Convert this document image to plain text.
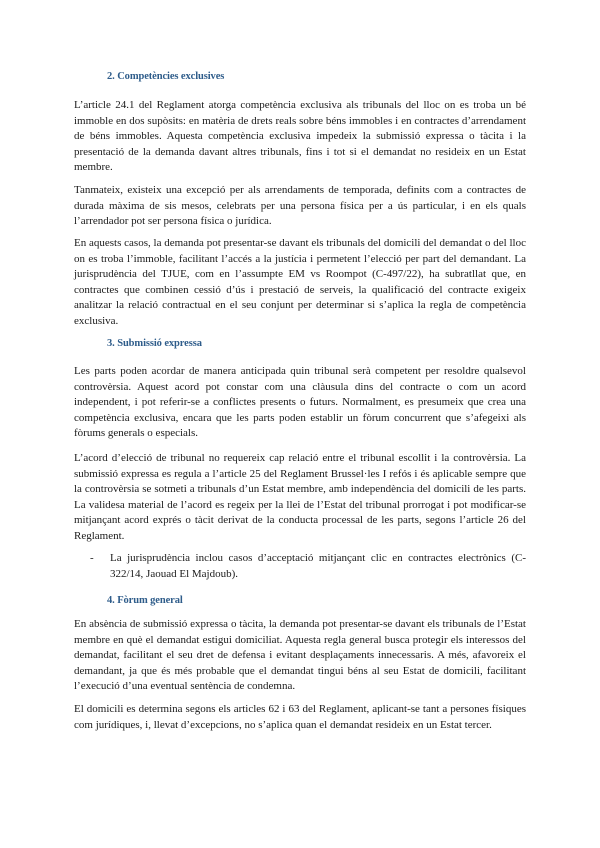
2. Competències exclusives

L’article 24.1 del Reglament atorga competència exclusiva als tribunals del lloc on es troba un bé immoble en dos supòsits: en matèria de drets reals sobre béns immobles i en contractes d’arrendament de béns immobles. Aquesta competència exclusiva impedeix la submissió expressa o tàcita i la presentació de la demanda davant altres tribunals, fins i tot si el demandat no resideix en un Estat membre.

Tanmateix, existeix una excepció per als arrendaments de temporada, definits com a contractes de durada màxima de sis mesos, celebrats per una persona física per a ús particular, i en els quals l’arrendador pot ser persona física o jurídica.

En aquests casos, la demanda pot presentar-se davant els tribunals del domicili del demandat o del lloc on es troba l’immoble, facilitant l’accés a la justícia i permetent l’elecció per part del demandant. La jurisprudència del TJUE, com en l’assumpte EM vs Roompot (C-497/22), ha subratllat que, en contractes que combinen cessió d’ús i prestació de serveis, la qualificació del contracte exigeix analitzar la relació contractual en el seu conjunt per determinar si s’aplica la regla de competència exclusiva.

3. Submissió expressa

Les parts poden acordar de manera anticipada quin tribunal serà competent per resoldre qualsevol controvèrsia. Aquest acord pot constar com una clàusula dins del contracte o com un acord independent, i pot referir-se a conflictes presents o futurs. Normalment, es presumeix que crea una competència exclusiva, encara que les parts poden establir un fòrum concurrent que s’afegeixi als fòrums generals o especials.

L’acord d’elecció de tribunal no requereix cap relació entre el tribunal escollit i la controvèrsia. La submissió expressa es regula a l’article 25 del Reglament Brussel·les I refós i és aplicable sempre que la controvèrsia se sotmeti a tribunals d’un Estat membre, amb independència del domicili de les parts. La validesa material de l’acord es regeix per la llei de l’Estat del tribunal prorrogat i pot modificar-se mitjançant acord exprés o tàcit derivat de la conducta processal de les parts, segons l’article 26 del Reglament.

- La jurisprudència inclou casos d’acceptació mitjançant clic en contractes electrònics (C-322/14, Jaouad El Majdoub).
4. Fòrum general

En absència de submissió expressa o tàcita, la demanda pot presentar-se davant els tribunals de l’Estat membre en què el demandat estigui domiciliat. Aquesta regla general busca protegir els interessos del demandat, facilitant el seu dret de defensa i evitant desplaçaments innecessaris. A més, afavoreix el demandant, ja que és més probable que el demandat tingui béns al seu Estat de domicili, facilitant l’execució d’una eventual sentència de condemna.

El domicili es determina segons els articles 62 i 63 del Reglament, aplicant-se tant a persones físiques com jurídiques, i, llevat d’excepcions, no s’aplica quan el demandat resideix en un Estat tercer.
